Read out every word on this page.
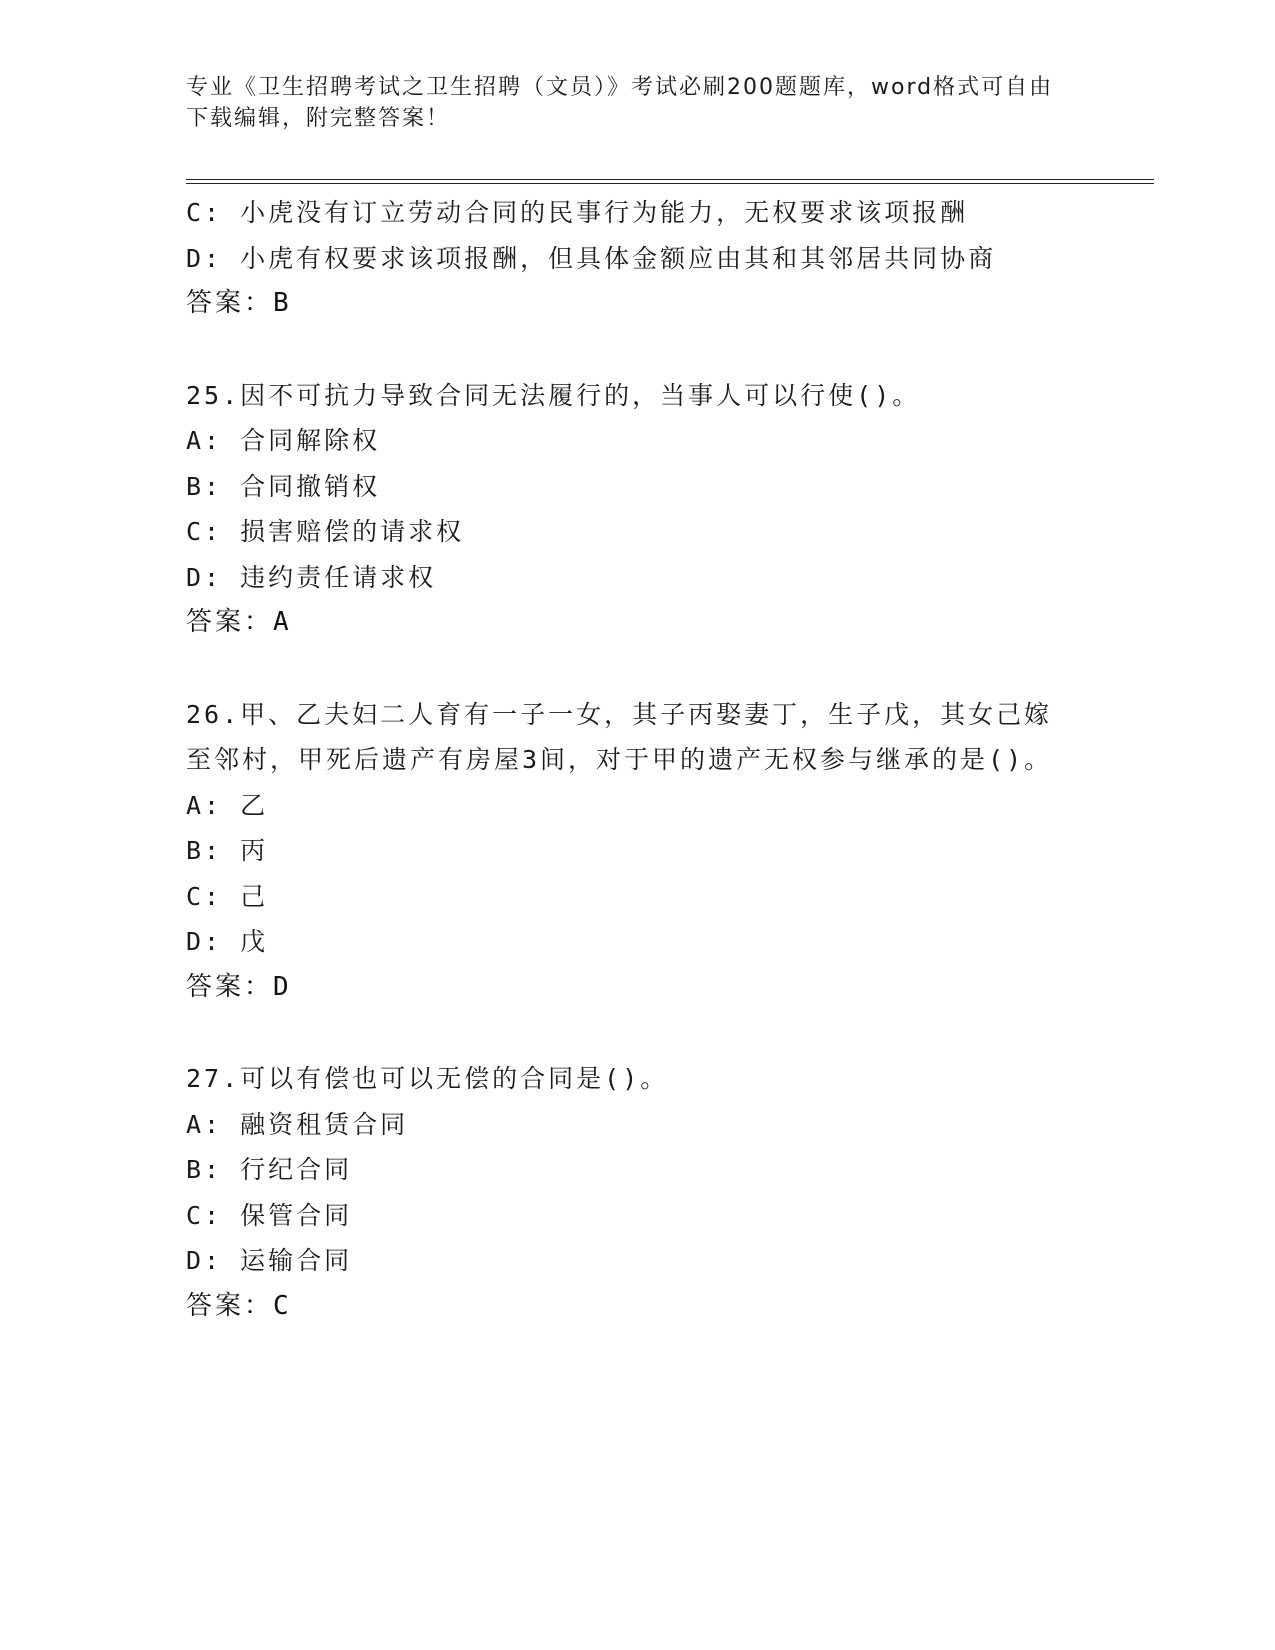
专业《卫生招聘考试之卫生招聘（文员）》考试必刷200题题库，word格式可自由下载编辑，附完整答案！
C: 小虎没有订立劳动合同的民事行为能力，无权要求该项报酬
D: 小虎有权要求该项报酬，但具体金额应由其和其邻居共同协商
答案：B
25.因不可抗力导致合同无法履行的，当事人可以行使()。
A: 合同解除权
B: 合同撤销权
C: 损害赔偿的请求权
D: 违约责任请求权
答案：A
26.甲、乙夫妇二人育有一子一女，其子丙娶妻丁，生子戊，其女己嫁至邻村，甲死后遗产有房屋3间，对于甲的遗产无权参与继承的是()。
A: 乙
B: 丙
C: 己
D: 戊
答案：D
27.可以有偿也可以无偿的合同是()。
A: 融资租赁合同
B: 行纪合同
C: 保管合同
D: 运输合同
答案：C
